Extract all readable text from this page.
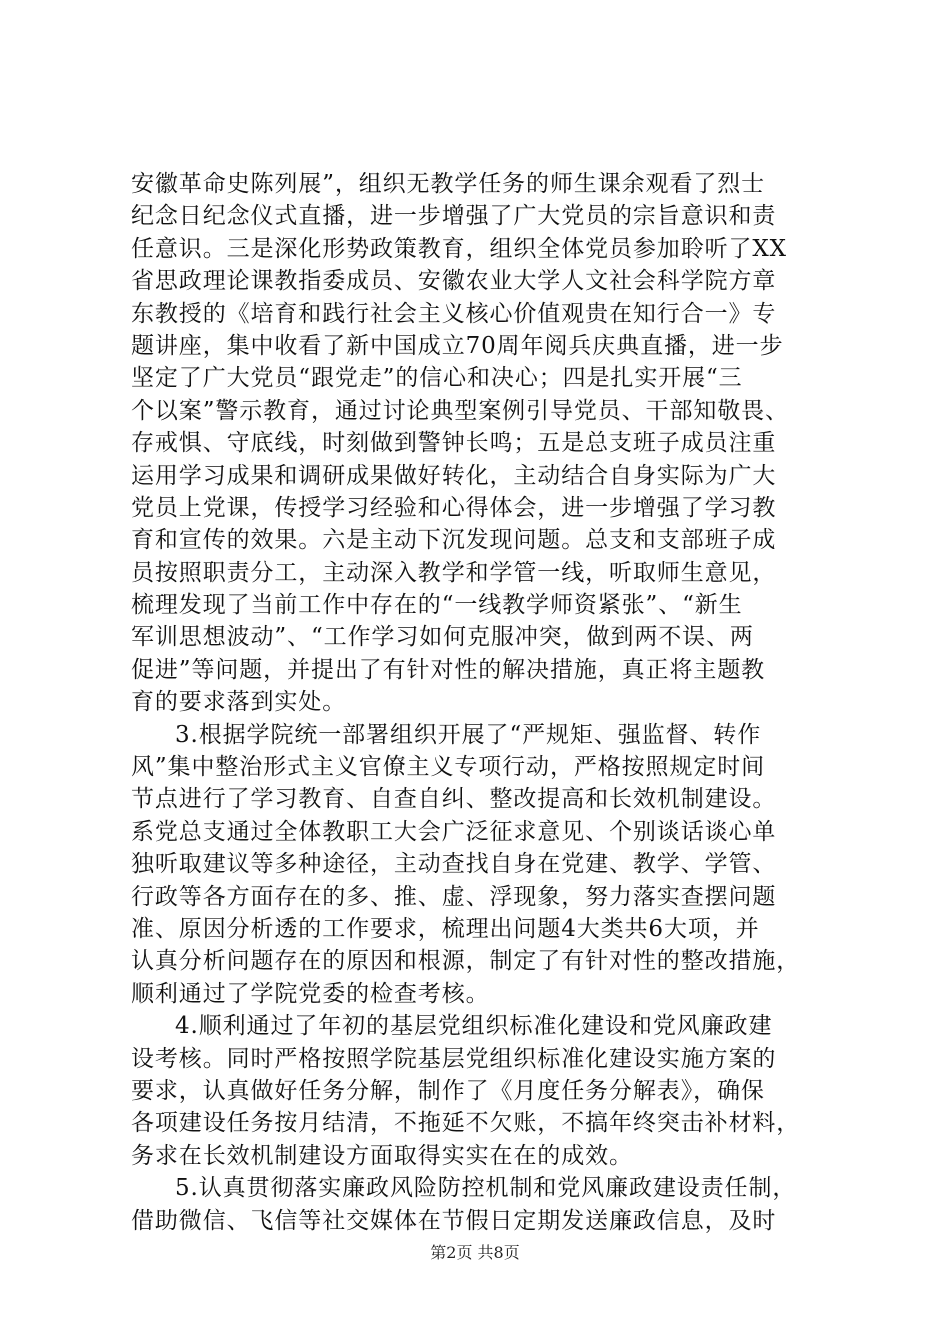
安徽革命史陈列展”，组织无教学任务的师生课余观看了烈士
纪念日纪念仪式直播，进一步增强了广大党员的宗旨意识和责
任意识。三是深化形势政策教育，组织全体党员参加聆听了XX
省思政理论课教指委成员、安徽农业大学人文社会科学院方章
东教授的《培育和践行社会主义核心价值观贵在知行合一》专
题讲座，集中收看了新中国成立70周年阅兵庆典直播，进一步
坚定了广大党员“跟党走”的信心和决心；四是扎实开展“三
个以案”警示教育，通过讨论典型案例引导党员、干部知敬畏、
存戒惧、守底线，时刻做到警钟长鸣；五是总支班子成员注重
运用学习成果和调研成果做好转化，主动结合自身实际为广大
党员上党课，传授学习经验和心得体会，进一步增强了学习教
育和宣传的效果。六是主动下沉发现问题。总支和支部班子成
员按照职责分工，主动深入教学和学管一线，听取师生意见，
梳理发现了当前工作中存在的“一线教学师资紧张”、“新生
军训思想波动”、“工作学习如何克服冲突，做到两不误、两
促进”等问题，并提出了有针对性的解决措施，真正将主题教
育的要求落到实处。
3.根据学院统一部署组织开展了“严规矩、强监督、转作
风”集中整治形式主义官僚主义专项行动，严格按照规定时间
节点进行了学习教育、自查自纠、整改提高和长效机制建设。
系党总支通过全体教职工大会广泛征求意见、个别谈话谈心单
独听取建议等多种途径，主动查找自身在党建、教学、学管、
行政等各方面存在的多、推、虚、浮现象，努力落实查摆问题
准、原因分析透的工作要求，梳理出问题4大类共6大项，并
认真分析问题存在的原因和根源，制定了有针对性的整改措施，
顺利通过了学院党委的检查考核。
4.顺利通过了年初的基层党组织标准化建设和党风廉政建
设考核。同时严格按照学院基层党组织标准化建设实施方案的
要求，认真做好任务分解，制作了《月度任务分解表》，确保
各项建设任务按月结清，不拖延不欠账，不搞年终突击补材料，
务求在长效机制建设方面取得实实在在的成效。
5.认真贯彻落实廉政风险防控机制和党风廉政建设责任制，
借助微信、飞信等社交媒体在节假日定期发送廉政信息，及时
第2页 共8页
